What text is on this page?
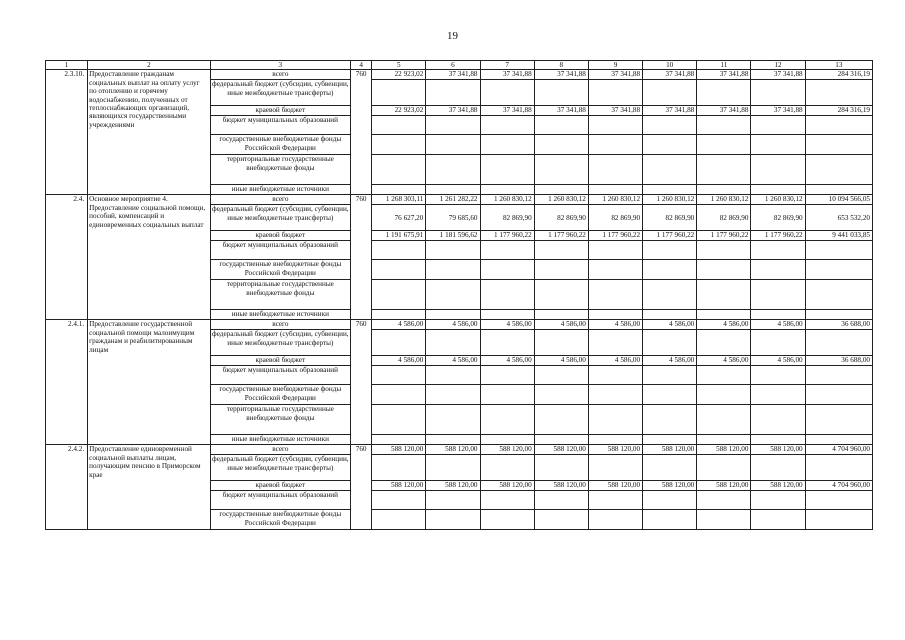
19
1	2	3	4	5	6	7	8	9	10	11	12	13
2.3.10.	Предоставление гражданам социальных выплат на оплату услуг по отоплению и горячему водоснабжению, полученных от теплоснабжающих организаций, являющихся государственными учреждениями	всего	760	22 923,02	37 341,88	37 341,88	37 341,88	37 341,88	37 341,88	37 341,88	37 341,88	284 316,19
		федеральный бюджет (субсидии, субвенции, иные межбюджетные трансферты)										
		краевой бюджет		22 923,02	37 341,88	37 341,88	37 341,88	37 341,88	37 341,88	37 341,88	37 341,88	284 316,19
		бюджет муниципальных образований										
		государственные внебюджетные фонды Российской Федерации										
		территориальные государственные внебюджетные фонды										
		иные внебюджетные источники										
2.4.	Основное мероприятие 4. Предоставление социальной помощи, пособий, компенсаций и единовременных социальных выплат	всего	760	1 268 303,11	1 261 282,22	1 260 830,12	1 260 830,12	1 260 830,12	1 260 830,12	1 260 830,12	1 260 830,12	10 094 566,05
		федеральный бюджет (субсидии, субвенции, иные межбюджетные трансферты)		76 627,20	79 685,60	82 869,90	82 869,90	82 869,90	82 869,90	82 869,90	82 869,90	653 532,20
		краевой бюджет		1 191 675,91	1 181 596,62	1 177 960,22	1 177 960,22	1 177 960,22	1 177 960,22	1 177 960,22	1 177 960,22	9 441 033,85
		бюджет муниципальных образований										
		государственные внебюджетные фонды Российской Федерации										
		территориальные государственные внебюджетные фонды										
		иные внебюджетные источники										
2.4.1.	Предоставление государственной социальной помощи малоимущим гражданам и реабилитированным лицам	всего	760	4 586,00	4 586,00	4 586,00	4 586,00	4 586,00	4 586,00	4 586,00	4 586,00	36 688,00
		федеральный бюджет (субсидии, субвенции, иные межбюджетные трансферты)										
		краевой бюджет		4 586,00	4 586,00	4 586,00	4 586,00	4 586,00	4 586,00	4 586,00	4 586,00	36 688,00
		бюджет муниципальных образований										
		государственные внебюджетные фонды Российской Федерации										
		территориальные государственные внебюджетные фонды										
		иные внебюджетные источники										
2.4.2.	Предоставление единовременной социальной выплаты лицам, получающим пенсию в Приморском крае	всего	760	588 120,00	588 120,00	588 120,00	588 120,00	588 120,00	588 120,00	588 120,00	588 120,00	4 704 960,00
		федеральный бюджет (субсидии, субвенции, иные межбюджетные трансферты)										
		краевой бюджет		588 120,00	588 120,00	588 120,00	588 120,00	588 120,00	588 120,00	588 120,00	588 120,00	4 704 960,00
		бюджет муниципальных образований										
		государственные внебюджетные фонды Российской Федерации										
